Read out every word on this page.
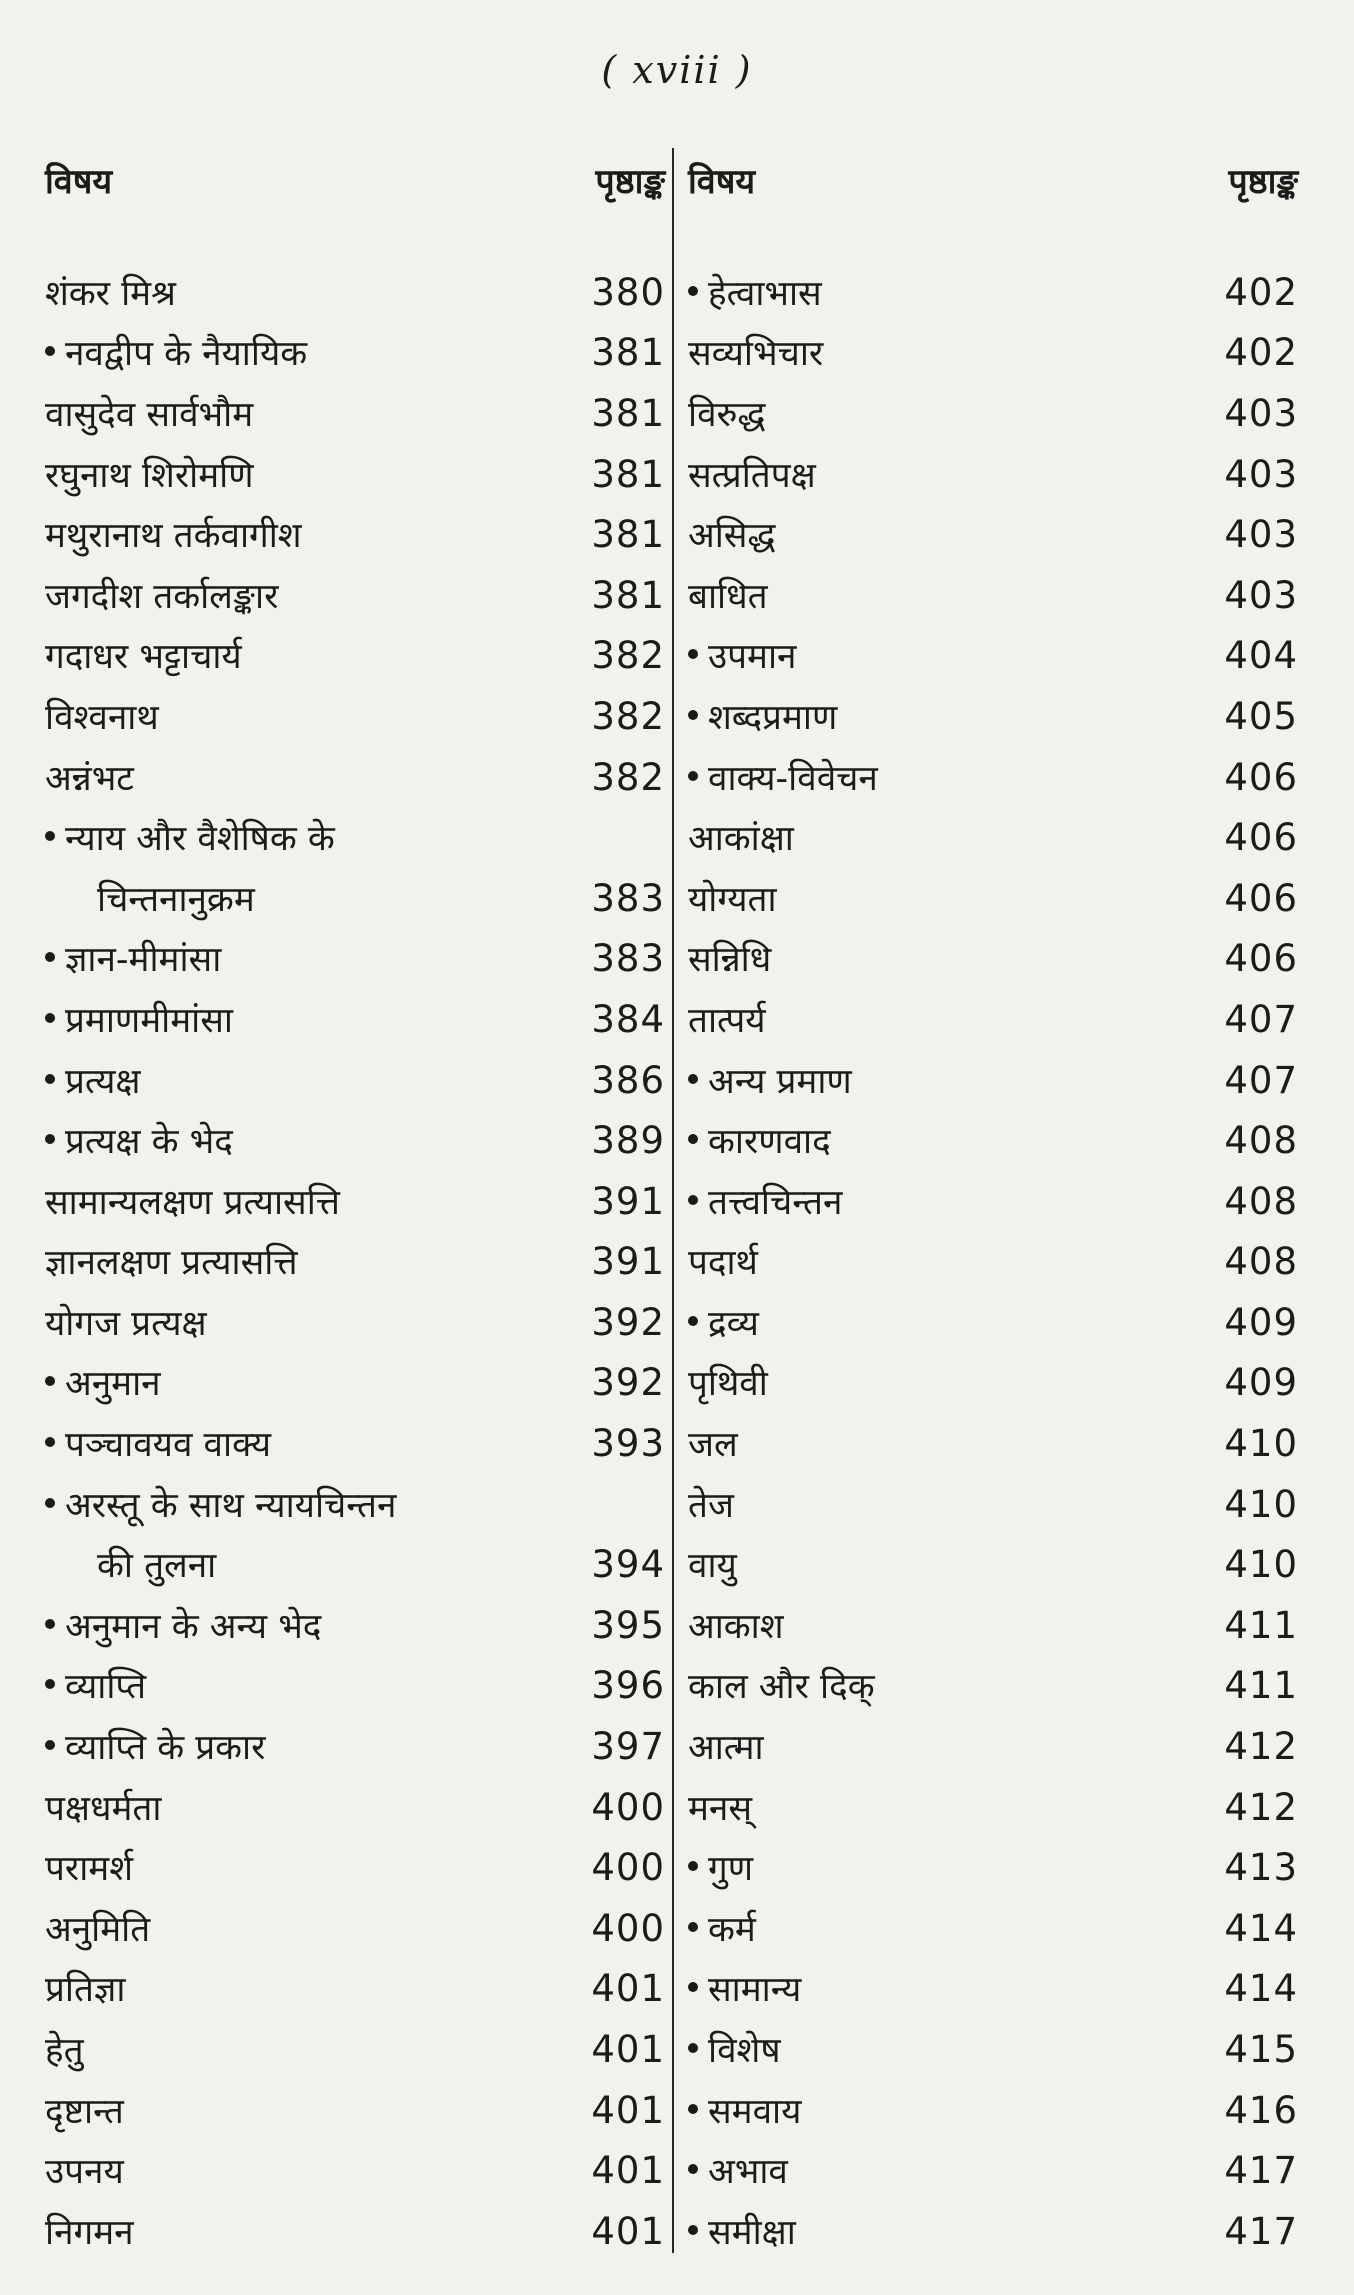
( xviii )
विषय	पृष्ठाङ्क
शंकर मिश्र	380
नवद्वीप के नैयायिक	381
वासुदेव सार्वभौम	381
रघुनाथ शिरोमणि	381
मथुरानाथ तर्कवागीश	381
जगदीश तर्कालङ्कार	381
गदाधर भट्टाचार्य	382
विश्वनाथ	382
अन्नंभट	382
न्याय और वैशेषिक के
चिन्तनानुक्रम	383
ज्ञान-मीमांसा	383
प्रमाणमीमांसा	384
प्रत्यक्ष	386
प्रत्यक्ष के भेद	389
सामान्यलक्षण प्रत्यासत्ति	391
ज्ञानलक्षण प्रत्यासत्ति	391
योगज प्रत्यक्ष	392
अनुमान	392
पञ्चावयव वाक्य	393
अरस्तू के साथ न्यायचिन्तन
की तुलना	394
अनुमान के अन्य भेद	395
व्याप्ति	396
व्याप्ति के प्रकार	397
पक्षधर्मता	400
परामर्श	400
अनुमिति	400
प्रतिज्ञा	401
हेतु	401
दृष्टान्त	401
उपनय	401
निगमन	401
विषय	पृष्ठाङ्क
हेत्वाभास	402
सव्यभिचार	402
विरुद्ध	403
सत्प्रतिपक्ष	403
असिद्ध	403
बाधित	403
उपमान	404
शब्दप्रमाण	405
वाक्य-विवेचन	406
आकांक्षा	406
योग्यता	406
सन्निधि	406
तात्पर्य	407
अन्य प्रमाण	407
कारणवाद	408
तत्त्वचिन्तन	408
पदार्थ	408
द्रव्य	409
पृथिवी	409
जल	410
तेज	410
वायु	410
आकाश	411
काल और दिक्	411
आत्मा	412
मनस्	412
गुण	413
कर्म	414
सामान्य	414
विशेष	415
समवाय	416
अभाव	417
समीक्षा	417
